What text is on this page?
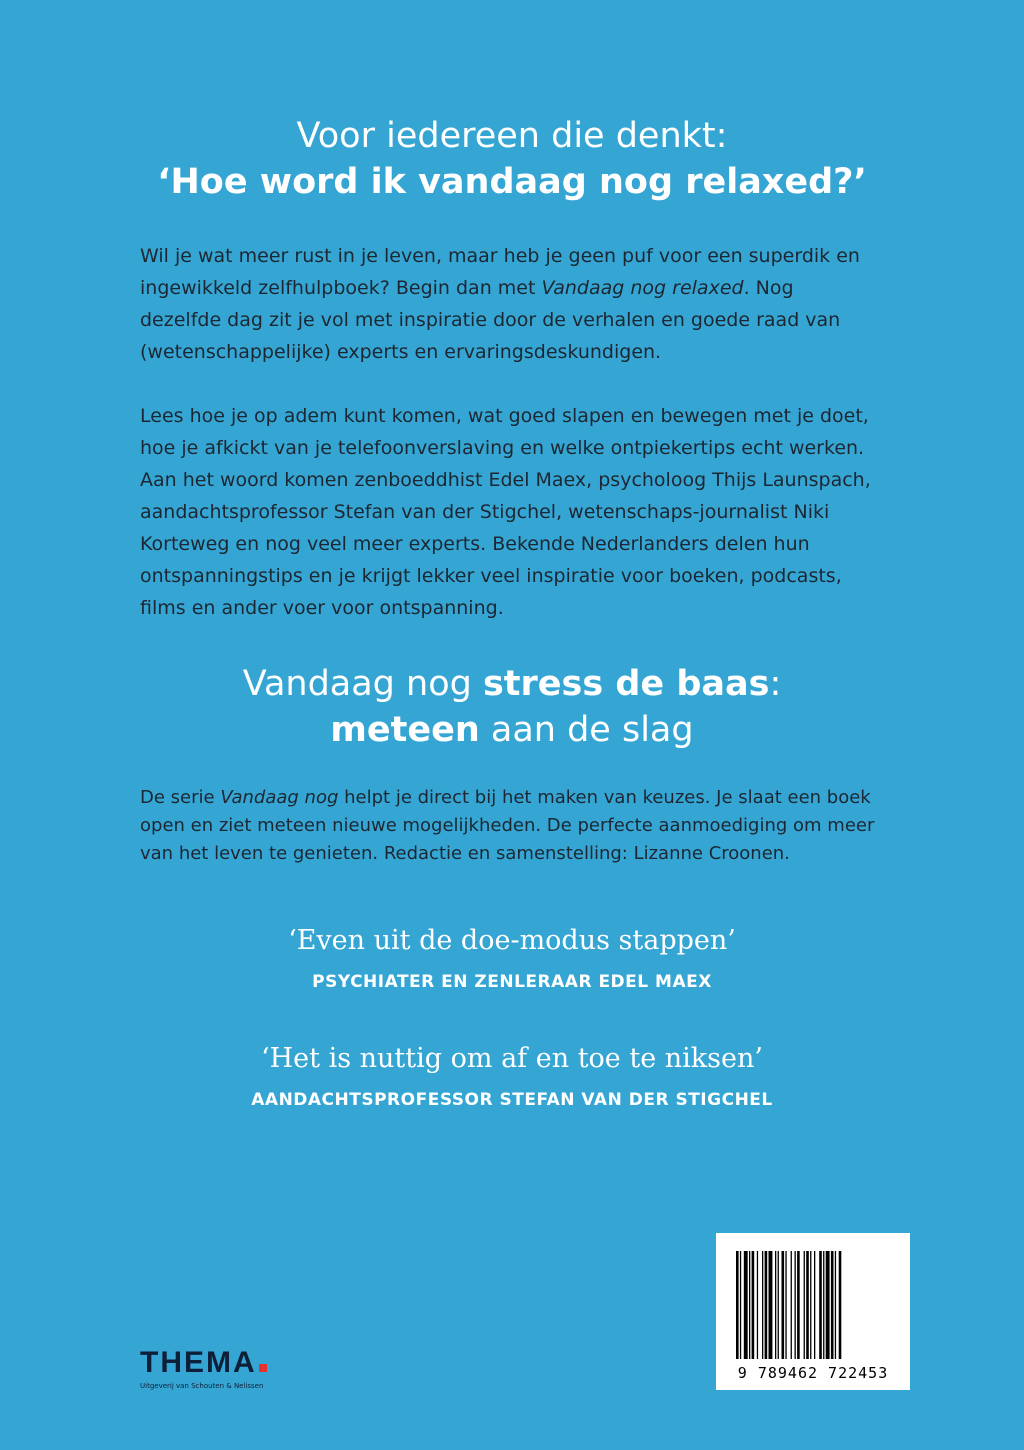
Voor iedereen die denkt:
‘Hoe word ik vandaag nog relaxed?’

Wil je wat meer rust in je leven, maar heb je geen puf voor een superdik en ingewikkeld zelfhulpboek? Begin dan met Vandaag nog relaxed. Nog dezelfde dag zit je vol met inspiratie door de verhalen en goede raad van (wetenschappelijke) experts en ervaringsdeskundigen.

Lees hoe je op adem kunt komen, wat goed slapen en bewegen met je doet, hoe je afkickt van je telefoonverslaving en welke ontpiekertips echt werken. Aan het woord komen zenboeddhist Edel Maex, psycholoog Thijs Launspach, aandachtsprofessor Stefan van der Stigchel, wetenschaps-journalist Niki Korteweg en nog veel meer experts. Bekende Nederlanders delen hun ontspanningstips en je krijgt lekker veel inspiratie voor boeken, podcasts, films en ander voer voor ontspanning.

Vandaag nog stress de baas:
meteen aan de slag

De serie Vandaag nog helpt je direct bij het maken van keuzes. Je slaat een boek open en ziet meteen nieuwe mogelijkheden. De perfecte aanmoediging om meer van het leven te genieten. Redactie en samenstelling: Lizanne Croonen.

‘Even uit de doe-modus stappen’
PSYCHIATER EN ZENLERAAR EDEL MAEX
‘Het is nuttig om af en toe te niksen’
AANDACHTSPROFESSOR STEFAN VAN DER STIGCHEL
THEMA
Uitgeverij van Schouten & Nelissen
9 789462 722453
